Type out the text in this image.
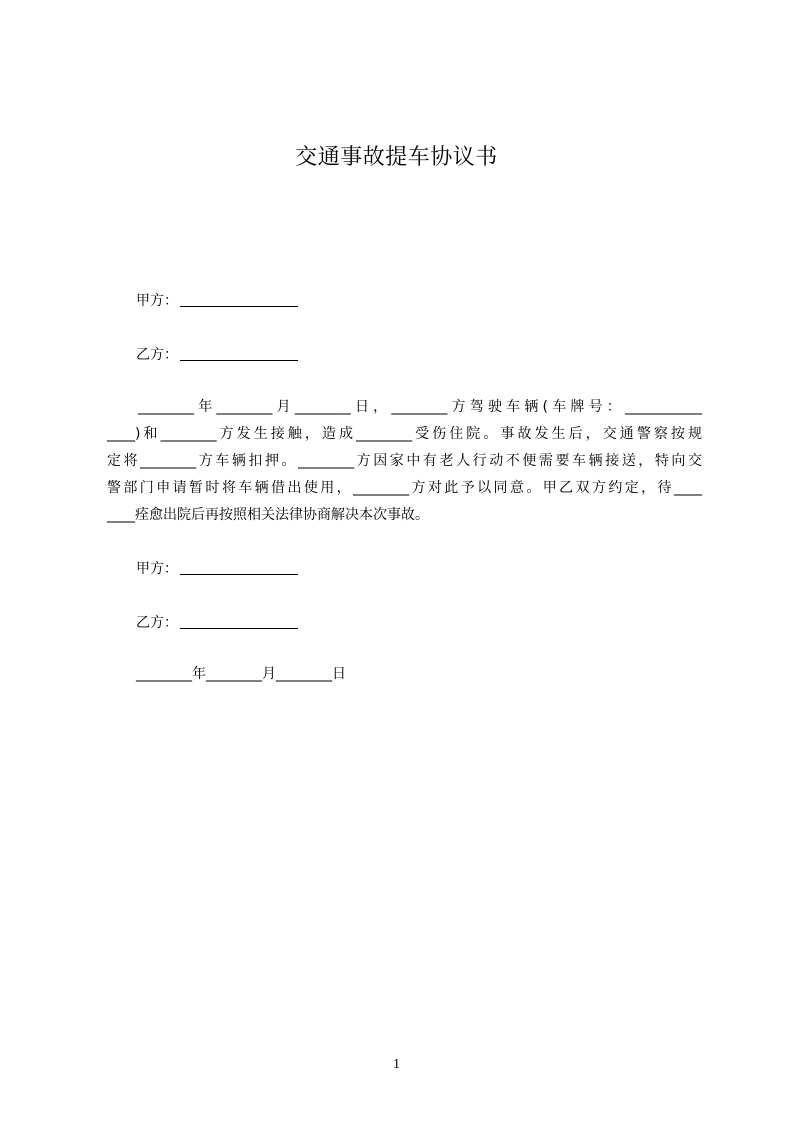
交通事故提车协议书
甲方：
乙方：
________年________月________日，________方驾驶车辆(车牌号：___________
____)和________方发生接触，造成________受伤住院。事故发生后，交通警察按规
定将________方车辆扣押。________方因家中有老人行动不便需要车辆接送，特向交
警部门申请暂时将车辆借出使用，________方对此予以同意。甲乙双方约定，待____
____痊愈出院后再按照相关法律协商解决本次事故。
甲方：
乙方：
________年________月________日
1
